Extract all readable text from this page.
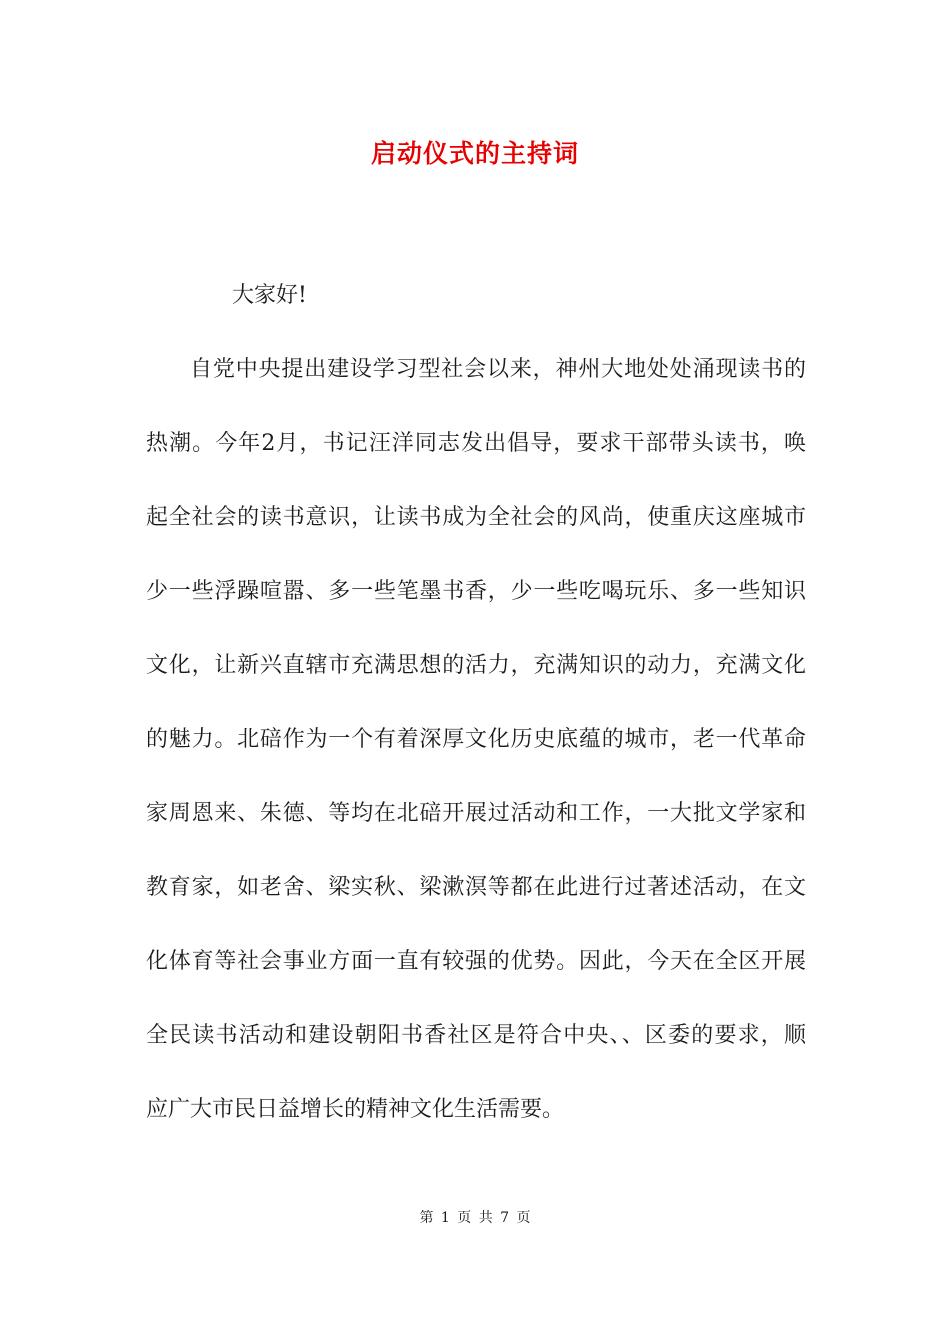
启动仪式的主持词
大家好!
自党中央提出建设学习型社会以来，神州大地处处涌现读书的
热潮。今年2月，书记汪洋同志发出倡导，要求干部带头读书，唤
起全社会的读书意识，让读书成为全社会的风尚，使重庆这座城市
少一些浮躁喧嚣、多一些笔墨书香，少一些吃喝玩乐、多一些知识
文化，让新兴直辖市充满思想的活力，充满知识的动力，充满文化
的魅力。北碚作为一个有着深厚文化历史底蕴的城市，老一代革命
家周恩来、朱德、等均在北碚开展过活动和工作，一大批文学家和
教育家，如老舍、梁实秋、梁漱溟等都在此进行过著述活动，在文
化体育等社会事业方面一直有较强的优势。因此，今天在全区开展
全民读书活动和建设朝阳书香社区是符合中央、、区委的要求，顺
应广大市民日益增长的精神文化生活需要。
第 1 页 共 7 页
